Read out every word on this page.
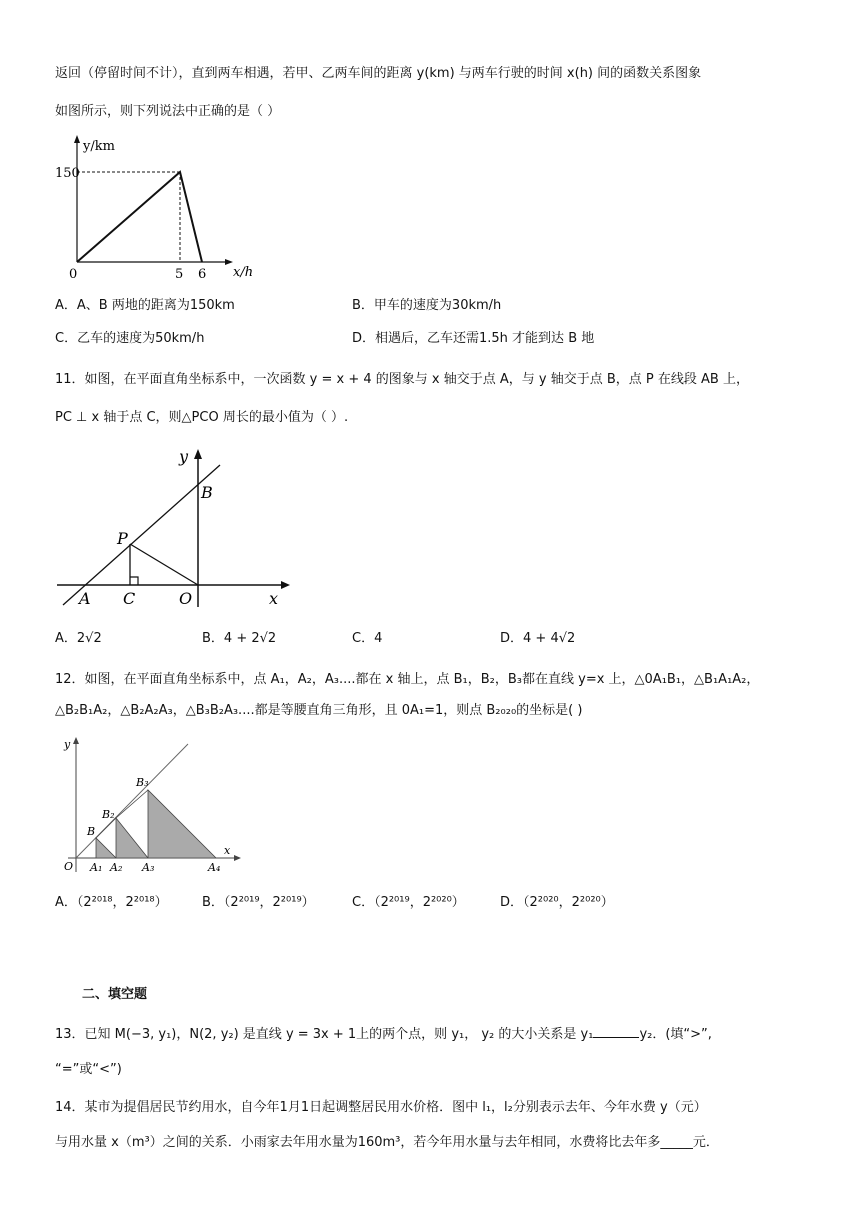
返回（停留时间不计），直到两车相遇，若甲、乙两车间的距离 y(km) 与两车行驶的时间 x(h) 间的函数关系图象
如图所示，则下列说法中正确的是（ ）
y/km
150
0	5 6 x/h
A．A、B 两地的距离为150km	B．甲车的速度为30km/h
C．乙车的速度为50km/h	D．相遇后，乙车还需1.5h 才能到达 B 地
11．如图，在平面直角坐标系中，一次函数 y = x + 4 的图象与 x 轴交于点 A，与 y 轴交于点 B，点 P 在线段 AB 上，
PC ⊥ x 轴于点 C，则△PCO 周长的最小值为（ ）.
y
B
P
A C	O	x
A．2√2	B．4 + 2√2	C．4	D．4 + 4√2
12．如图，在平面直角坐标系中，点 A₁，A₂，A₃....都在 x 轴上，点 B₁，B₂，B₃都在直线 y=x 上，△0A₁B₁，△B₁A₁A₂，
△B₂B₁A₂，△B₂A₂A₃，△B₃B₂A₃....都是等腰直角三角形，且 0A₁=1，则点 B₂₀₂₀的坐标是( )
y
O A₁ A₂ A₃	A₄
B
B₂
B₃
x
A．（2²⁰¹⁸，2²⁰¹⁸）	B．（2²⁰¹⁹，2²⁰¹⁹）	C．（2²⁰¹⁹，2²⁰²⁰）	D．（2²⁰²⁰，2²⁰²⁰）
二、填空题
13．已知 M(−3, y₁)，N(2, y₂) 是直线 y = 3x + 1上的两个点，则 y₁， y₂ 的大小关系是 y₁	y₂．(填“>”,
“=”或“<”)
14．某市为提倡居民节约用水，自今年1月1日起调整居民用水价格．图中 l₁，l₂分别表示去年、今年水费 y（元）
与用水量 x（m³）之间的关系．小雨家去年用水量为160m³，若今年用水量与去年相同，水费将比去年多_____元．
